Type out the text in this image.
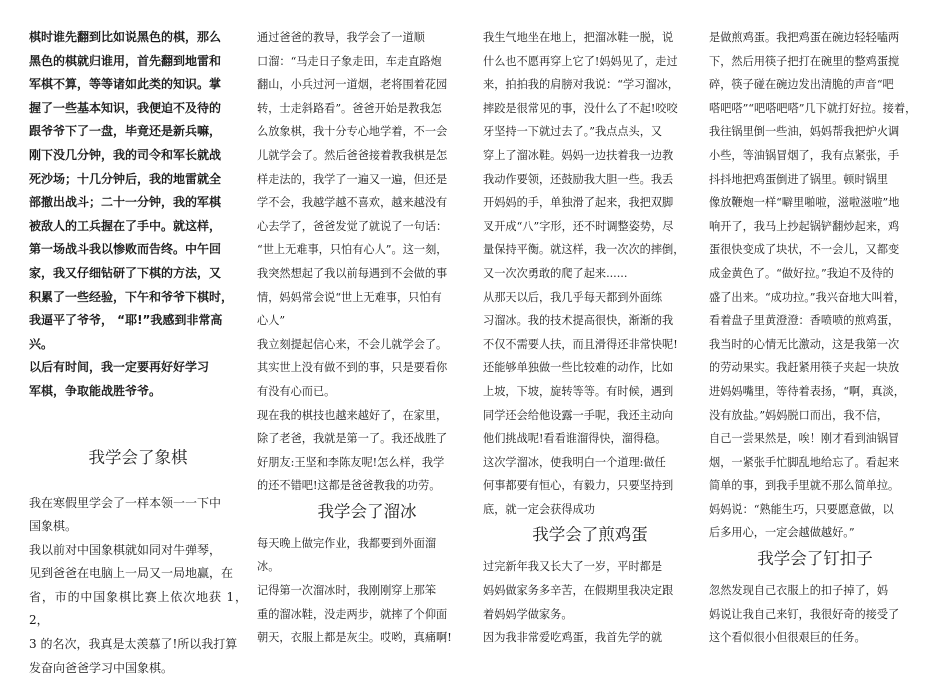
棋时谁先翻到比如说黑色的棋，那么
黑色的棋就归谁用，首先翻到地雷和
军棋不算，等等诸如此类的知识。掌
握了一些基本知识，我便迫不及待的
跟爷爷下了一盘，毕竟还是新兵嘛，
刚下没几分钟，我的司令和军长就战
死沙场；十几分钟后，我的地雷就全
部撤出战斗；二十一分钟，我的军棋
被敌人的工兵握在了手中。就这样，
第一场战斗我以惨败而告终。中午回
家，我又仔细钻研了下棋的方法，又
积累了一些经验，下午和爷爷下棋时，
我逼平了爷爷， “耶!”我感到非常高
兴。

以后有时间，我一定要再好好学习
军棋，争取能战胜爷爷。

我学会了象棋

我在寒假里学会了一样本领一一下中
国象棋。

我以前对中国象棋就如同对牛弹琴，
见到爸爸在电脑上一局又一局地赢，在
省，市的中国象棋比赛上依次地获 1，2，
3 的名次，我真是太羡慕了!所以我打算
发奋向爸爸学习中国象棋。

通过爸爸的教导，我学会了一道顺
口溜：“马走日子象走田，车走直路炮
翻山，小兵过河一道烟，老将围着花园
转，士走斜路看”。爸爸开始是教我怎
么放象棋，我十分专心地学着，不一会
儿就学会了。然后爸爸接着教我棋是怎
样走法的，我学了一遍又一遍，但还是
学不会，我越学越不喜欢，越来越没有
心去学了，爸爸发觉了就说了一句话：
“世上无难事，只怕有心人”。这一刻，
我突然想起了我以前每遇到不会做的事
情，妈妈常会说“世上无难事，只怕有
心人”

我立刻提起信心来，不会儿就学会了。
其实世上没有做不到的事，只是要看你
有没有心而已。

现在我的棋技也越来越好了，在家里，
除了老爸，我就是第一了。我还战胜了
好朋友:王坚和李陈友呢!怎么样，我学
的还不错吧!这都是爸爸教我的功劳。

我学会了溜冰

每天晚上做完作业，我都要到外面溜
冰。

记得第一次溜冰时，我刚刚穿上那笨
重的溜冰鞋，没走两步，就摔了个仰面
朝天，衣服上都是灰尘。哎哟，真痛啊!

我生气地坐在地上，把溜冰鞋一脱，说
什么也不愿再穿上它了!妈妈见了，走过
来，拍拍我的肩膀对我说：“学习溜冰，
摔跤是很常见的事，没什么了不起!咬咬
牙坚持一下就过去了。”我点点头，又
穿上了溜冰鞋。妈妈一边扶着我一边教
我动作要领，还鼓励我大胆一些。我丢
开妈妈的手，单独滑了起来，我把双脚
叉开成“八”字形，还不时调整姿势，尽
量保持平衡。就这样，我一次次的摔倒，
又一次次勇敢的爬了起来......

从那天以后，我几乎每天都到外面练
习溜冰。我的技术提高很快，渐渐的我
不仅不需要人扶，而且滑得还非常快呢!
还能够单独做一些比较难的动作，比如
上坡，下坡，旋转等等。有时候，遇到
同学还会给他设露一手呢，我还主动向
他们挑战呢!看看谁溜得快，溜得稳。

这次学溜冰，使我明白一个道理:做任
何事都要有恒心，有毅力，只要坚持到
底，就一定会获得成功

我学会了煎鸡蛋

过完新年我又长大了一岁，平时都是
妈妈做家务多辛苦，在假期里我决定跟
着妈妈学做家务。

因为我非常爱吃鸡蛋，我首先学的就

是做煎鸡蛋。我把鸡蛋在碗边轻轻嗑两
下，然后用筷子把打在碗里的整鸡蛋搅
碎，筷子碰在碗边发出清脆的声音“吧
嗒吧嗒”“吧嗒吧嗒”几下就打好拉。接着，
我往锅里倒一些油，妈妈帮我把炉火调
小些，等油锅冒烟了，我有点紧张，手
抖抖地把鸡蛋倒进了锅里。顿时锅里
像放鞭炮一样“噼里啪啦，滋啦滋啦”地
响开了，我马上抄起锅铲翻炒起来，鸡
蛋很快变成了块状，不一会儿，又都变
成金黄色了。“做好拉。”我迫不及待的
盛了出来。“成功拉。”我兴奋地大叫着，
看着盘子里黄澄澄：香喷喷的煎鸡蛋，
我当时的心情无比激动，这是我第一次
的劳动果实。我赶紧用筷子夹起一块放
进妈妈嘴里，等待着表扬，“啊，真淡，
没有放盐。”妈妈脱口而出，我不信，
自己一尝果然是，唉！刚才看到油锅冒
烟，一紧张手忙脚乱地给忘了。看起来
简单的事，到我手里就不那么简单拉。
妈妈说：“熟能生巧，只要愿意做，以
后多用心，一定会越做越好。”

我学会了钉扣子

忽然发现自己衣服上的扣子掉了，妈
妈说让我自己来钉，我很好奇的接受了
这个看似很小但很艰巨的任务。
